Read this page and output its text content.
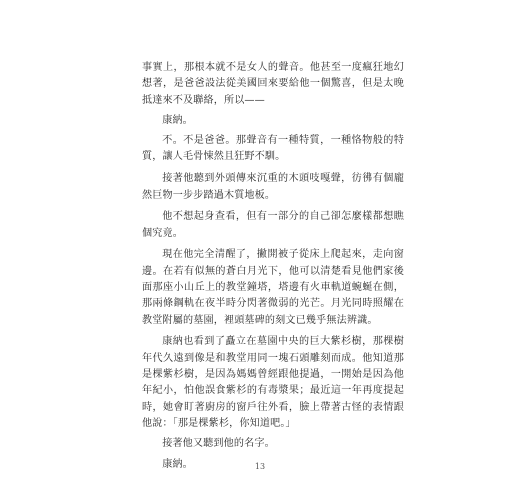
事實上，那根本就不是女人的聲音。他甚至一度瘋狂地幻想著，是爸爸設法從美國回來要給他一個驚喜，但是太晚抵達來不及聯絡，所以——

康納。

不。不是爸爸。那聲音有一種特質，一種恪物般的特質，讓人毛骨悚然且狂野不馴。

接著他聽到外頭傳來沉重的木頭吱嘎聲，彷彿有個龐然巨物一步步踏過木質地板。

他不想起身查看，但有一部分的自己卻怎麼樣都想瞧個究竟。

現在他完全清醒了，撇開被子從床上爬起來，走向窗邊。在若有似無的蒼白月光下，他可以清楚看見他們家後面那座小山丘上的教堂鐘塔，塔邊有火車軌道蜿蜒在側，那兩條鋼軌在夜半時分閃著微弱的光芒。月光同時照耀在教堂附屬的墓園，裡頭墓碑的刻文已幾乎無法辨識。

康納也看到了矗立在墓園中央的巨大紫杉樹，那棵樹年代久遠到像是和教堂用同一塊石頭雕刻而成。他知道那是棵紫杉樹，是因為媽媽曾經跟他提過，一開始是因為他年紀小，怕他誤食紫杉的有毒漿果；最近這一年再度提起時，她會盯著廚房的窗戶往外看，臉上帶著古怪的表情跟他說：「那是棵紫杉，你知道吧。」

接著他又聽到他的名字。

康納。	13
